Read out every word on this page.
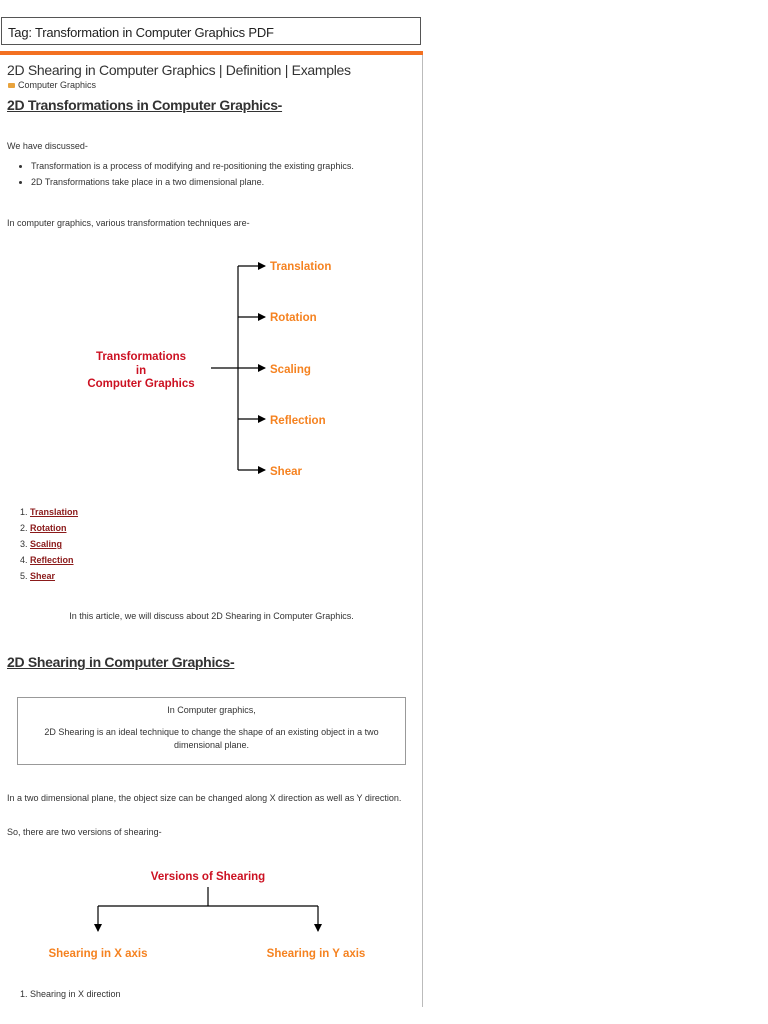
Tag: Transformation in Computer Graphics PDF
2D Shearing in Computer Graphics | Definition | Examples
Computer Graphics
2D Transformations in Computer Graphics-
We have discussed-
• Transformation is a process of modifying and re-positioning the existing graphics.
• 2D Transformations take place in a two dimensional plane.
In computer graphics, various transformation techniques are-
Transformations
in
Computer Graphics
Translation
Rotation
Scaling
Reflection
Shear
1. Translation
2. Rotation
3. Scaling
4. Reflection
5. Shear
In this article, we will discuss about 2D Shearing in Computer Graphics.
2D Shearing in Computer Graphics-
In Computer graphics,
2D Shearing is an ideal technique to change the shape of an existing object in a two dimensional plane.
In a two dimensional plane, the object size can be changed along X direction as well as Y direction.
So, there are two versions of shearing-
Versions of Shearing
Shearing in X axis	Shearing in Y axis
1. Shearing in X direction
